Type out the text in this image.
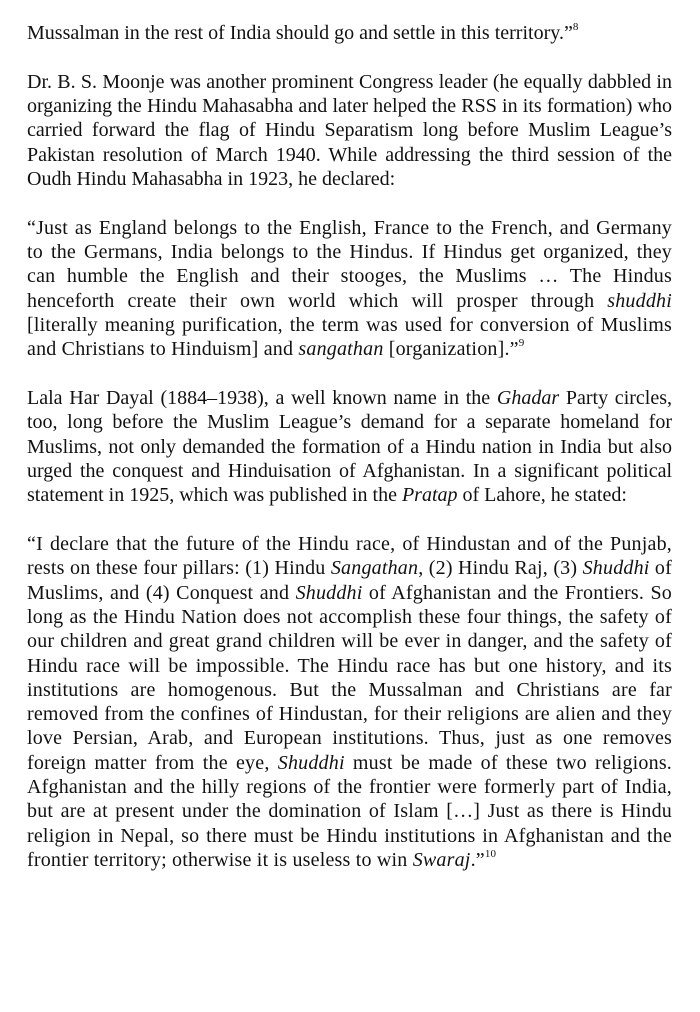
Mussalman in the rest of India should go and settle in this territory.”$^8$

Dr. B. S. Moonje was another prominent Congress leader (he equally dabbled in organizing the Hindu Mahasabha and later helped the RSS in its formation) who carried forward the flag of Hindu Separatism long before Muslim League’s Pakistan resolution of March 1940. While addressing the third session of the Oudh Hindu Mahasabha in 1923, he declared:

“Just as England belongs to the English, France to the French, and Germany to the Germans, India belongs to the Hindus. If Hindus get organized, they can humble the English and their stooges, the Muslims … The Hindus henceforth create their own world which will prosper through shuddhi [literally meaning purification, the term was used for conversion of Muslims and Christians to Hinduism] and sangathan [organization].”$^9$

Lala Har Dayal (1884–1938), a well known name in the Ghadar Party circles, too, long before the Muslim League’s demand for a separate homeland for Muslims, not only demanded the formation of a Hindu nation in India but also urged the conquest and Hinduisation of Afghanistan. In a significant political statement in 1925, which was published in the Pratap of Lahore, he stated:

“I declare that the future of the Hindu race, of Hindustan and of the Punjab, rests on these four pillars: (1) Hindu Sangathan, (2) Hindu Raj, (3) Shuddhi of Muslims, and (4) Conquest and Shuddhi of Afghanistan and the Frontiers. So long as the Hindu Nation does not accomplish these four things, the safety of our children and great grand children will be ever in danger, and the safety of Hindu race will be impossible. The Hindu race has but one history, and its institutions are homogenous. But the Mussalman and Christians are far removed from the confines of Hindustan, for their religions are alien and they love Persian, Arab, and European institutions. Thus, just as one removes foreign matter from the eye, Shuddhi must be made of these two religions. Afghanistan and the hilly regions of the frontier were formerly part of India, but are at present under the domination of Islam […] Just as there is Hindu religion in Nepal, so there must be Hindu institutions in Afghanistan and the frontier territory; otherwise it is useless to win Swaraj.”$^{10}$
